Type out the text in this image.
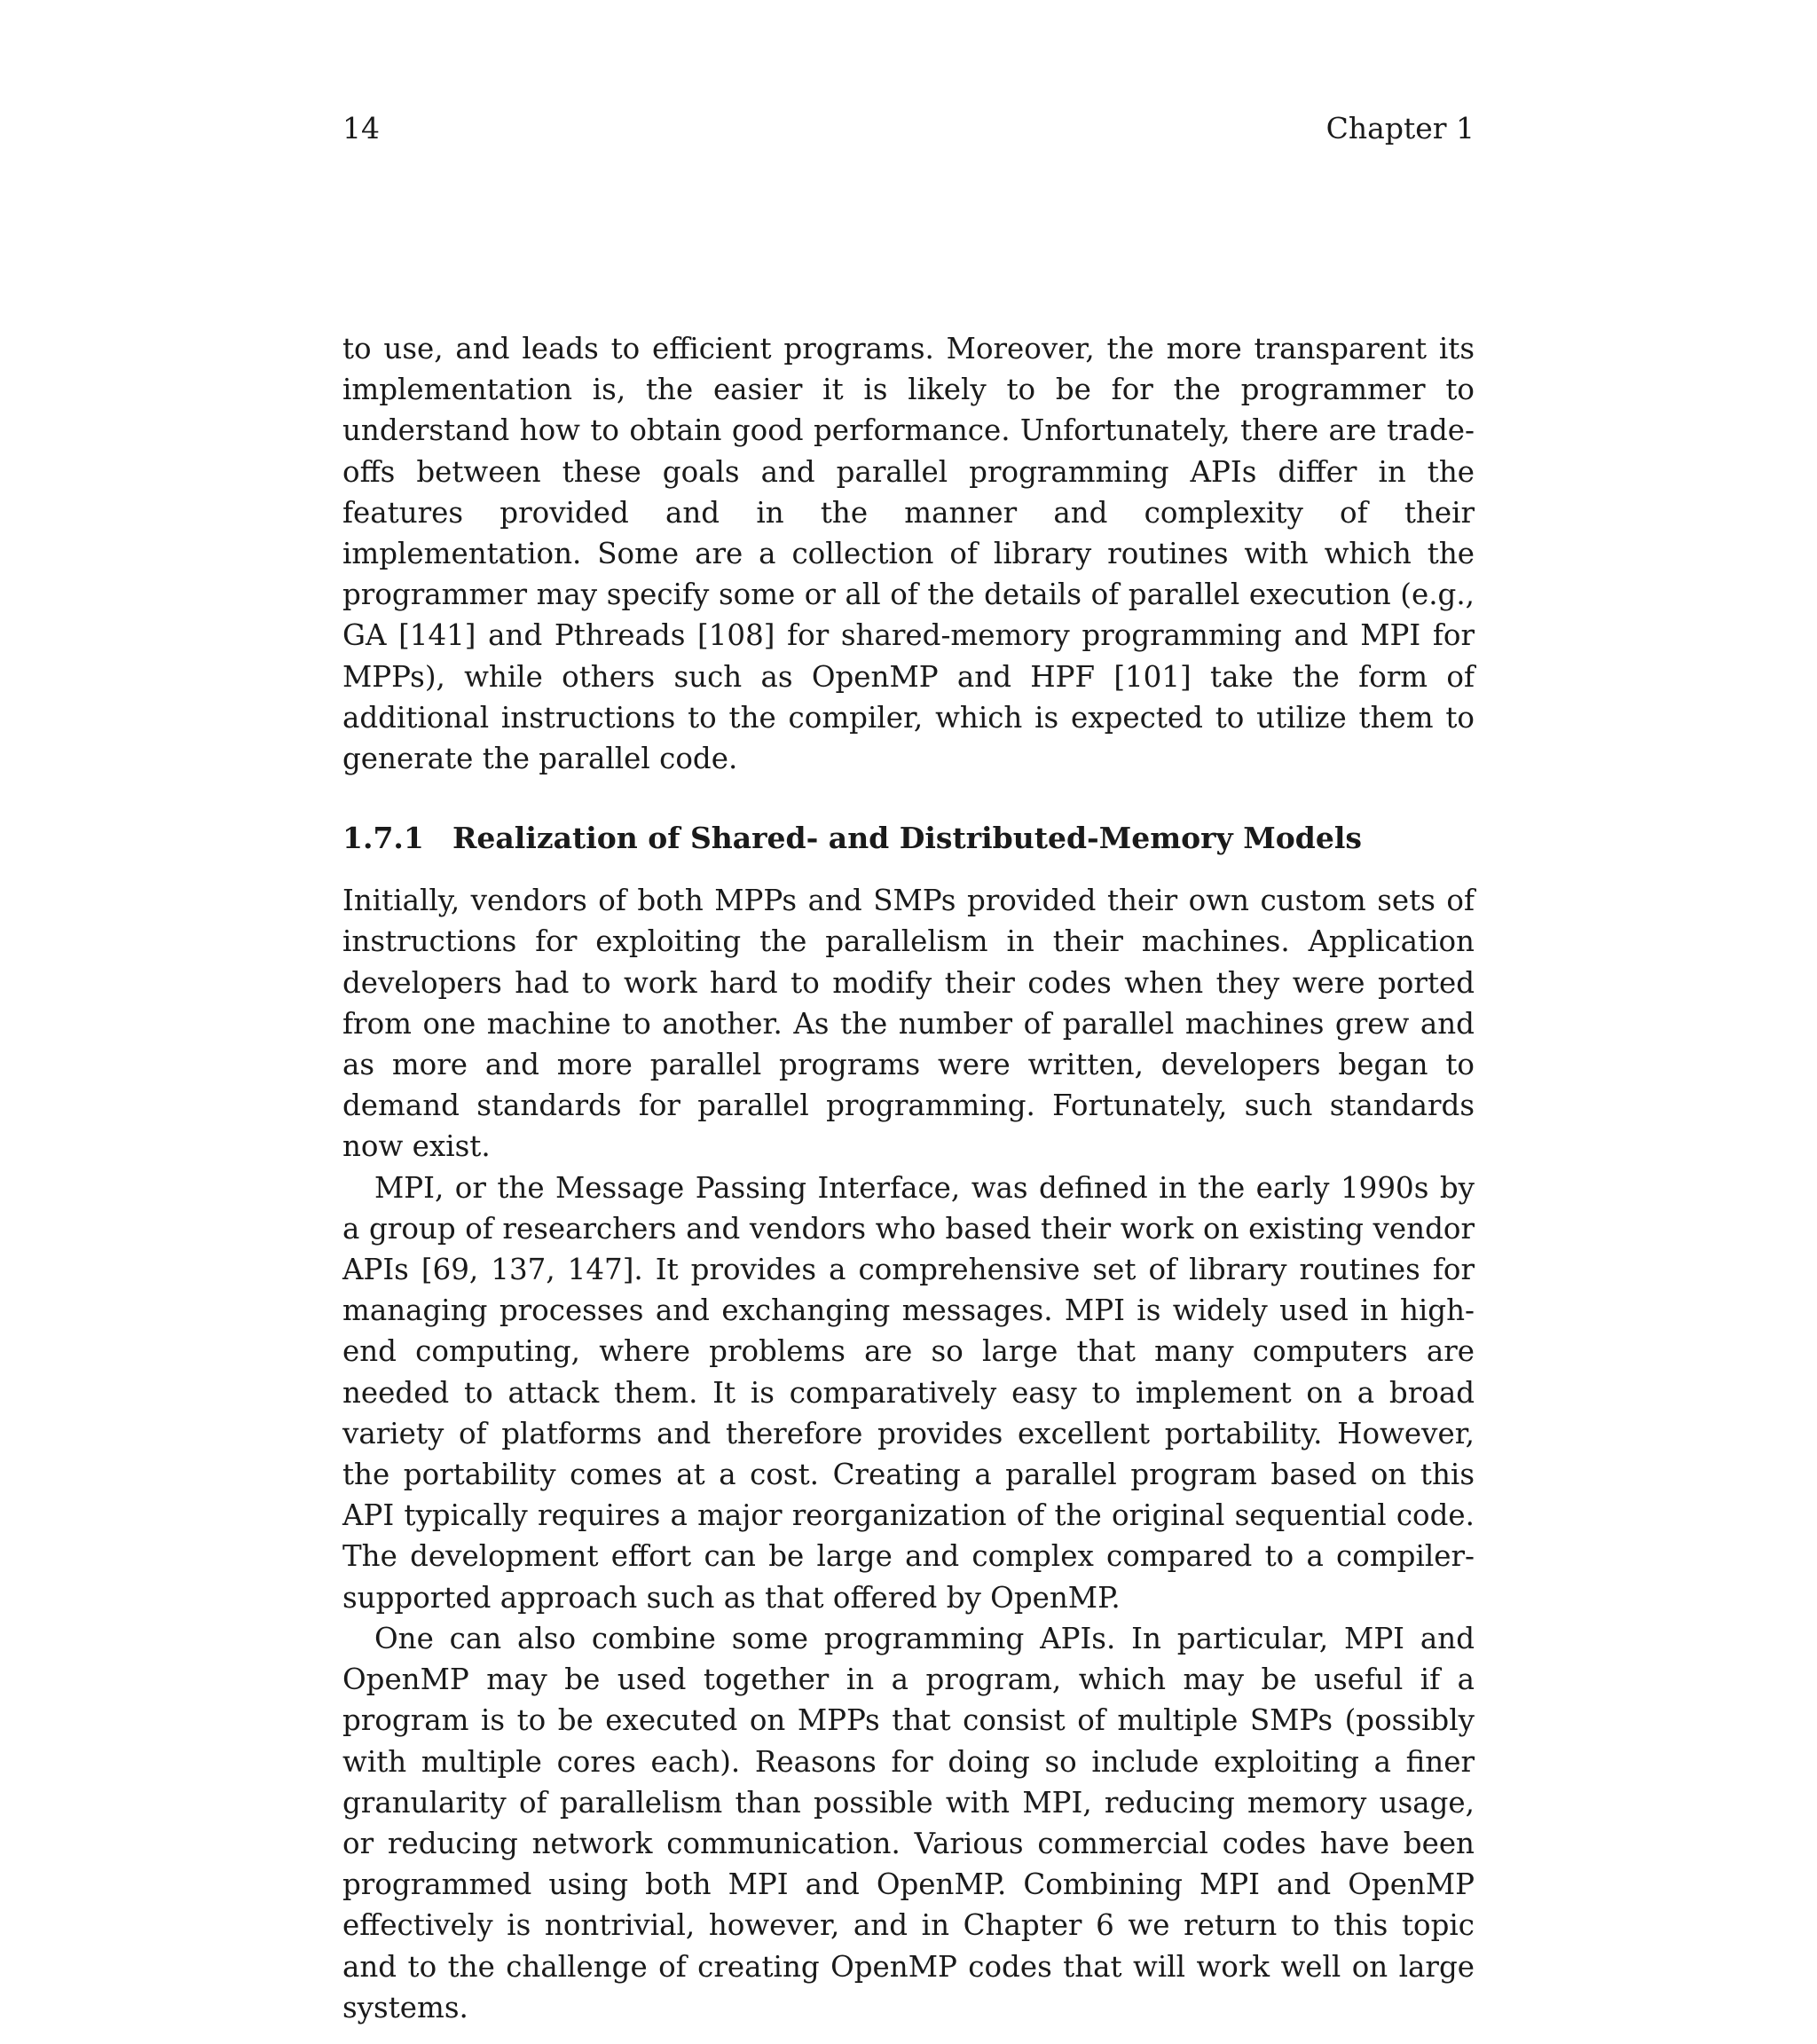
14	Chapter 1

to use, and leads to efficient programs. Moreover, the more transparent its implementation is, the easier it is likely to be for the programmer to understand how to obtain good performance. Unfortunately, there are trade-offs between these goals and parallel programming APIs differ in the features provided and in the manner and complexity of their implementation. Some are a collection of library routines with which the programmer may specify some or all of the details of parallel execution (e.g., GA [141] and Pthreads [108] for shared-memory programming and MPI for MPPs), while others such as OpenMP and HPF [101] take the form of additional instructions to the compiler, which is expected to utilize them to generate the parallel code.

1.7.1 Realization of Shared- and Distributed-Memory Models

Initially, vendors of both MPPs and SMPs provided their own custom sets of instructions for exploiting the parallelism in their machines. Application developers had to work hard to modify their codes when they were ported from one machine to another. As the number of parallel machines grew and as more and more parallel programs were written, developers began to demand standards for parallel programming. Fortunately, such standards now exist.

MPI, or the Message Passing Interface, was defined in the early 1990s by a group of researchers and vendors who based their work on existing vendor APIs [69, 137, 147]. It provides a comprehensive set of library routines for managing processes and exchanging messages. MPI is widely used in high-end computing, where problems are so large that many computers are needed to attack them. It is comparatively easy to implement on a broad variety of platforms and therefore provides excellent portability. However, the portability comes at a cost. Creating a parallel program based on this API typically requires a major reorganization of the original sequential code. The development effort can be large and complex compared to a compiler-supported approach such as that offered by OpenMP.

One can also combine some programming APIs. In particular, MPI and OpenMP may be used together in a program, which may be useful if a program is to be executed on MPPs that consist of multiple SMPs (possibly with multiple cores each). Reasons for doing so include exploiting a finer granularity of parallelism than possible with MPI, reducing memory usage, or reducing network communication. Various commercial codes have been programmed using both MPI and OpenMP. Combining MPI and OpenMP effectively is nontrivial, however, and in Chapter 6 we return to this topic and to the challenge of creating OpenMP codes that will work well on large systems.
